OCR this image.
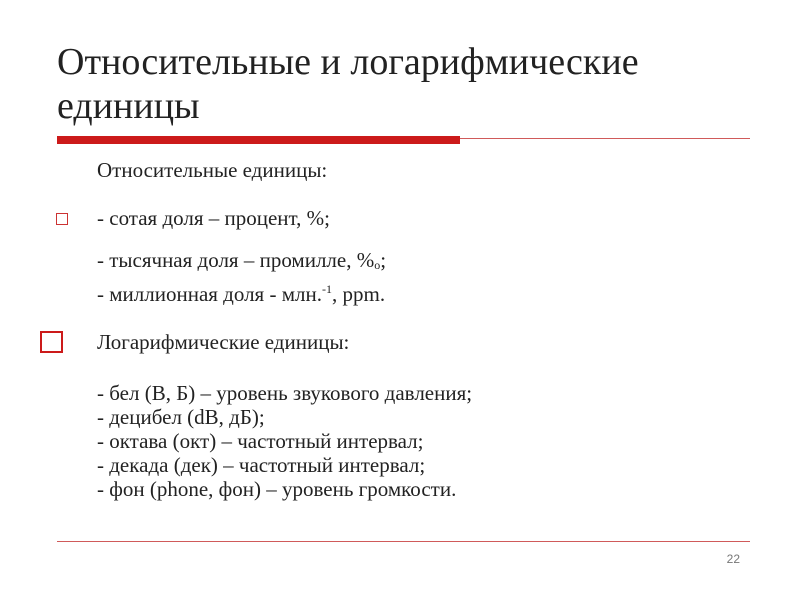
Относительные и логарифмические
единицы
Относительные единицы:
- сотая доля – процент, %;
- тысячная доля – промилле, %o;
- миллионная доля - млн.$^{-1}$, ppm.
Логарифмические единицы:
- бел (В, Б) – уровень звукового давления;
- децибел (dB, дБ);
- октава (окт) – частотный интервал;
- декада (дек) – частотный интервал;
- фон (phone, фон) – уровень громкости.
22
